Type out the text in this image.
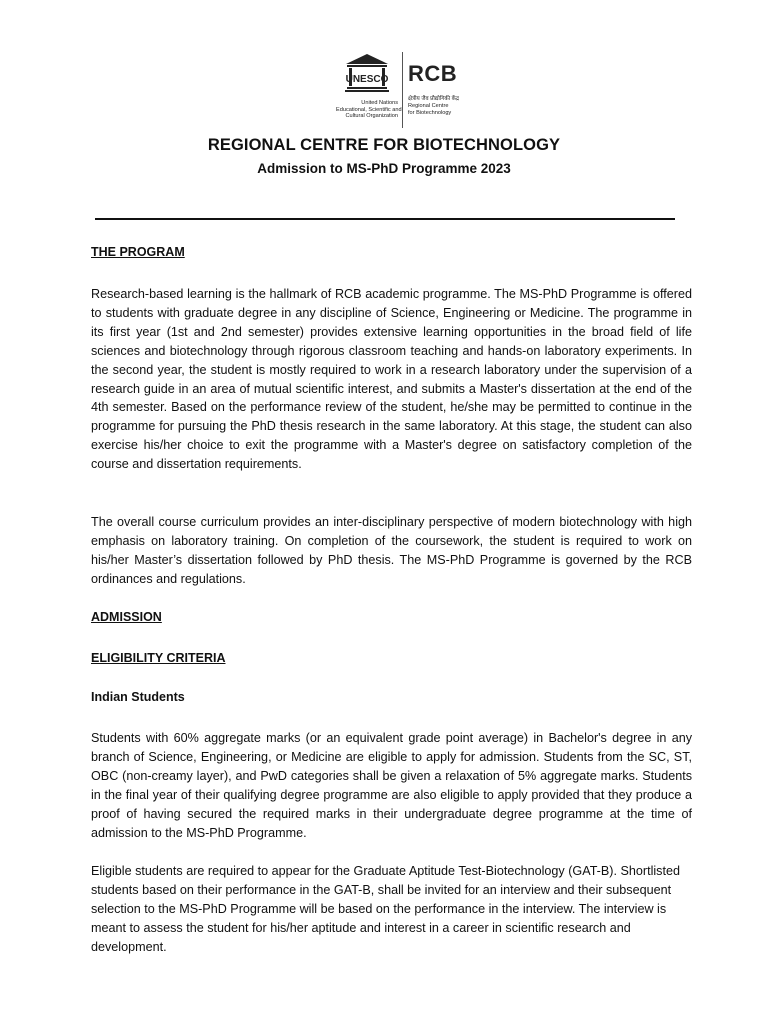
UNESCO
United Nations
Educational, Scientific and
Cultural Organization
RCB
क्षेत्रीय जैव प्रौद्योगिकी केंद्र
Regional Centre
for Biotechnology
REGIONAL CENTRE FOR BIOTECHNOLOGY
Admission to MS-PhD Programme 2023
THE PROGRAM
Research-based learning is the hallmark of RCB academic programme. The MS-PhD Programme is offered to students with graduate degree in any discipline of Science, Engineering or Medicine. The programme in its first year (1st and 2nd semester) provides extensive learning opportunities in the broad field of life sciences and biotechnology through rigorous classroom teaching and hands-on laboratory experiments. In the second year, the student is mostly required to work in a research laboratory under the supervision of a research guide in an area of mutual scientific interest, and submits a Master's dissertation at the end of the 4th semester. Based on the performance review of the student, he/she may be permitted to continue in the programme for pursuing the PhD thesis research in the same laboratory. At this stage, the student can also exercise his/her choice to exit the programme with a Master's degree on satisfactory completion of the course and dissertation requirements.
The overall course curriculum provides an inter-disciplinary perspective of modern biotechnology with high emphasis on laboratory training. On completion of the coursework, the student is required to work on his/her Master’s dissertation followed by PhD thesis. The MS-PhD Programme is governed by the RCB ordinances and regulations.
ADMISSION
ELIGIBILITY CRITERIA
Indian Students
Students with 60% aggregate marks (or an equivalent grade point average) in Bachelor's degree in any branch of Science, Engineering, or Medicine are eligible to apply for admission. Students from the SC, ST, OBC (non-creamy layer), and PwD categories shall be given a relaxation of 5% aggregate marks. Students in the final year of their qualifying degree programme are also eligible to apply provided that they produce a proof of having secured the required marks in their undergraduate degree programme at the time of admission to the MS-PhD Programme.
Eligible students are required to appear for the Graduate Aptitude Test-Biotechnology (GAT-B). Shortlisted students based on their performance in the GAT-B, shall be invited for an interview and their subsequent selection to the MS-PhD Programme will be based on the performance in the interview. The interview is meant to assess the student for his/her aptitude and interest in a career in scientific research and development.
